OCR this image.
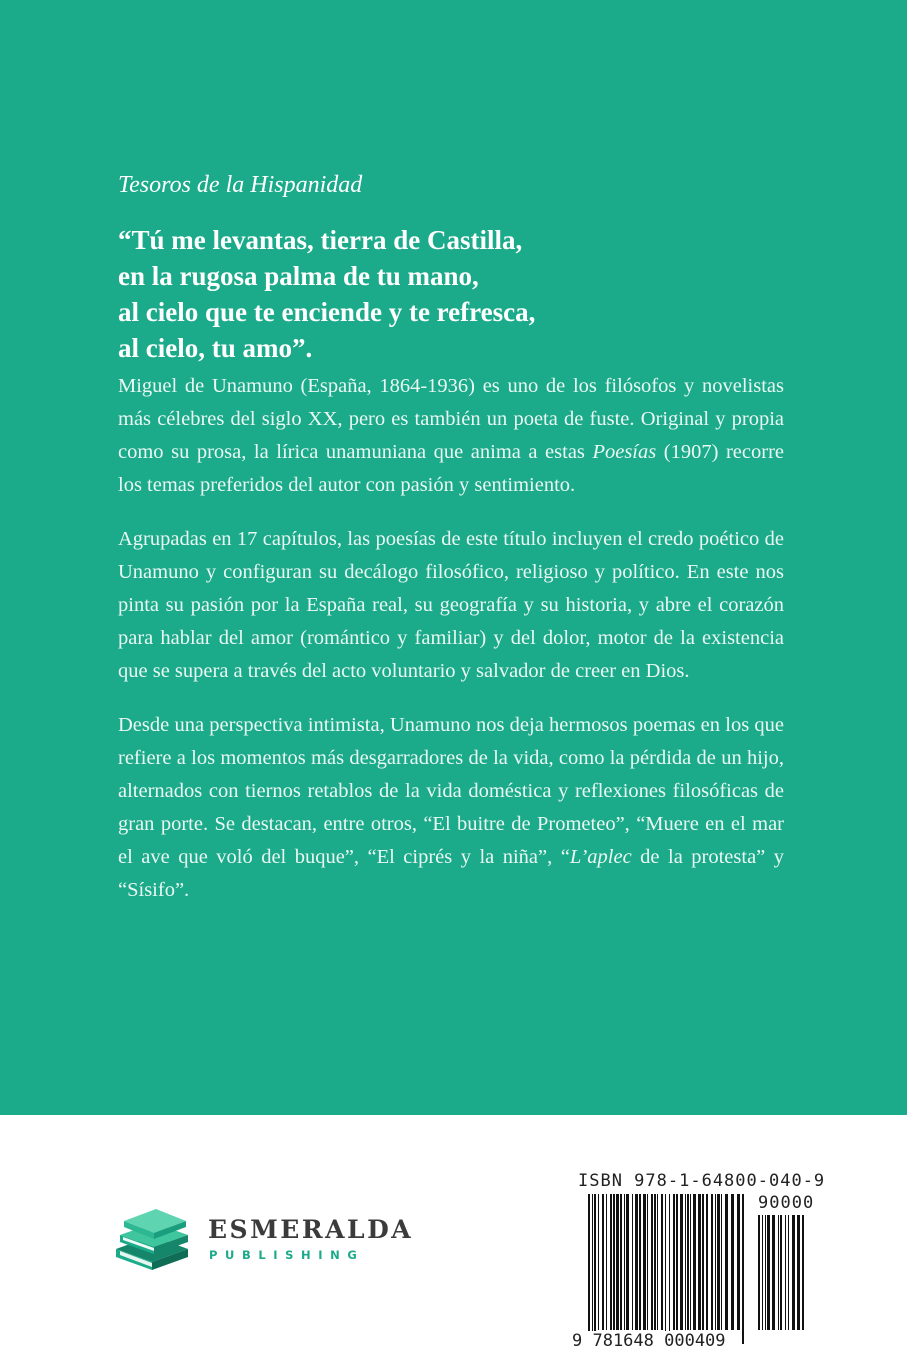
Tesoros de la Hispanidad

“Tú me levantas, tierra de Castilla,
en la rugosa palma de tu mano,
al cielo que te enciende y te refresca,
al cielo, tu amo”.

Miguel de Unamuno (España, 1864-1936) es uno de los filósofos y novelistas más célebres del siglo XX, pero es también un poeta de fuste. Original y propia como su prosa, la lírica unamuniana que anima a estas Poesías (1907) recorre los temas preferidos del autor con pasión y sentimiento.

Agrupadas en 17 capítulos, las poesías de este título incluyen el credo poético de Unamuno y configuran su decálogo filosófico, religioso y político. En este nos pinta su pasión por la España real, su geografía y su historia, y abre el corazón para hablar del amor (romántico y familiar) y del dolor, motor de la existencia que se supera a través del acto voluntario y salvador de creer en Dios.

Desde una perspectiva intimista, Unamuno nos deja hermosos poemas en los que refiere a los momentos más desgarradores de la vida, como la pérdida de un hijo, alternados con tiernos retablos de la vida doméstica y reflexiones filosóficas de gran porte. Se destacan, entre otros, “El buitre de Prometeo”, “Muere en el mar el ave que voló del buque”, “El ciprés y la niña”, “L’aplec de la protesta” y “Sísifo”.

ESMERALDA

PUBLISHING

ISBN 978-1-64800-040-9

90000

9 781648 000409
